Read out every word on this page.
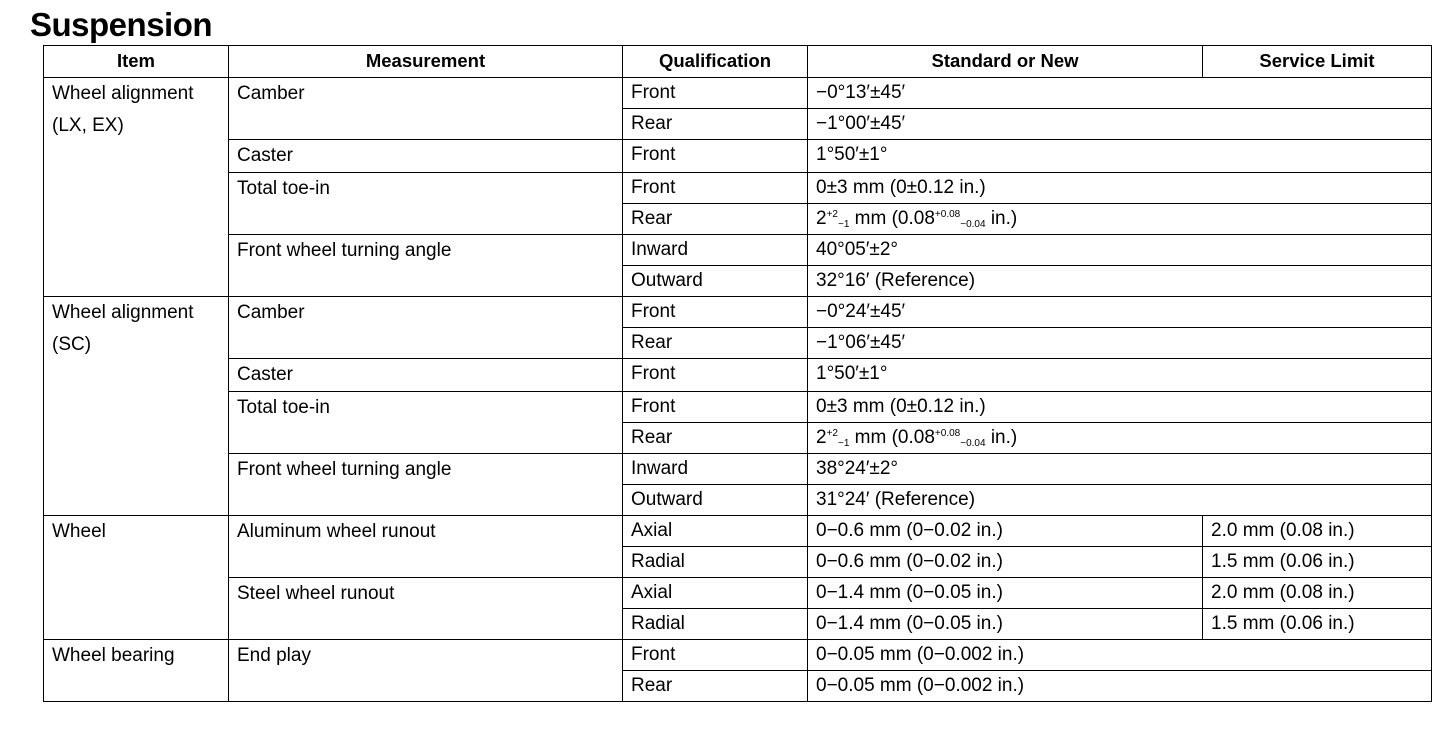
Suspension
Item	Measurement	Qualification	Standard or New	Service Limit
Wheel alignment (LX, EX)	Camber	Front	−0°13′±45′	
		Rear	−1°00′±45′	
	Caster	Front	1°50′±1°	
	Total toe-in	Front	0±3 mm (0±0.12 in.)	
		Rear	$2^{+2}_{-1}$ mm ($0.08^{+0.08}_{-0.04}$ in.)	
	Front wheel turning angle	Inward	40°05′±2°	
		Outward	32°16′ (Reference)	
Wheel alignment (SC)	Camber	Front	−0°24′±45′	
		Rear	−1°06′±45′	
	Caster	Front	1°50′±1°	
	Total toe-in	Front	0±3 mm (0±0.12 in.)	
		Rear	$2^{+2}_{-1}$ mm ($0.08^{+0.08}_{-0.04}$ in.)	
	Front wheel turning angle	Inward	38°24′±2°	
		Outward	31°24′ (Reference)	
Wheel	Aluminum wheel runout	Axial	0−0.6 mm (0−0.02 in.)	2.0 mm (0.08 in.)
		Radial	0−0.6 mm (0−0.02 in.)	1.5 mm (0.06 in.)
	Steel wheel runout	Axial	0−1.4 mm (0−0.05 in.)	2.0 mm (0.08 in.)
		Radial	0−1.4 mm (0−0.05 in.)	1.5 mm (0.06 in.)
Wheel bearing	End play	Front	0−0.05 mm (0−0.002 in.)	
		Rear	0−0.05 mm (0−0.002 in.)	
